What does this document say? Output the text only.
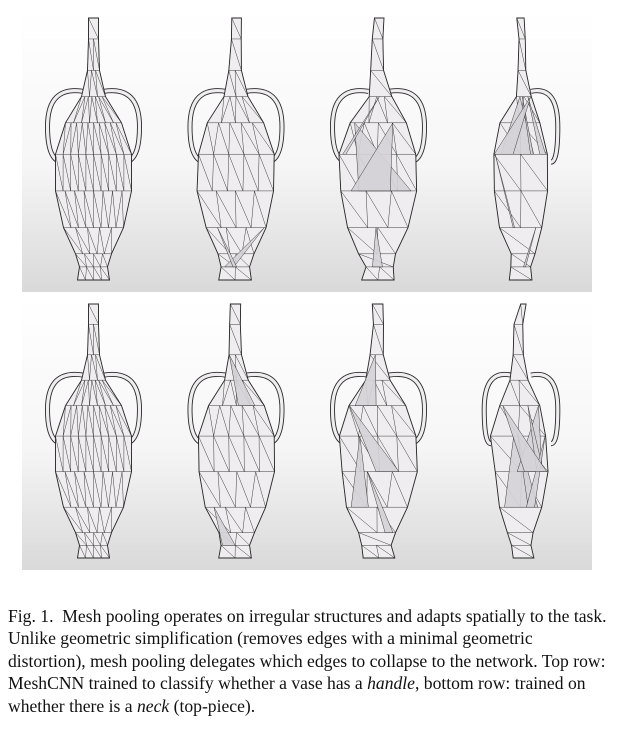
Fig. 1. Mesh pooling operates on irregular structures and adapts spatially to the task. Unlike geometric simplification (removes edges with a minimal geometric distortion), mesh pooling delegates which edges to collapse to the network. Top row: MeshCNN trained to classify whether a vase has a handle, bottom row: trained on whether there is a neck (top-piece).
